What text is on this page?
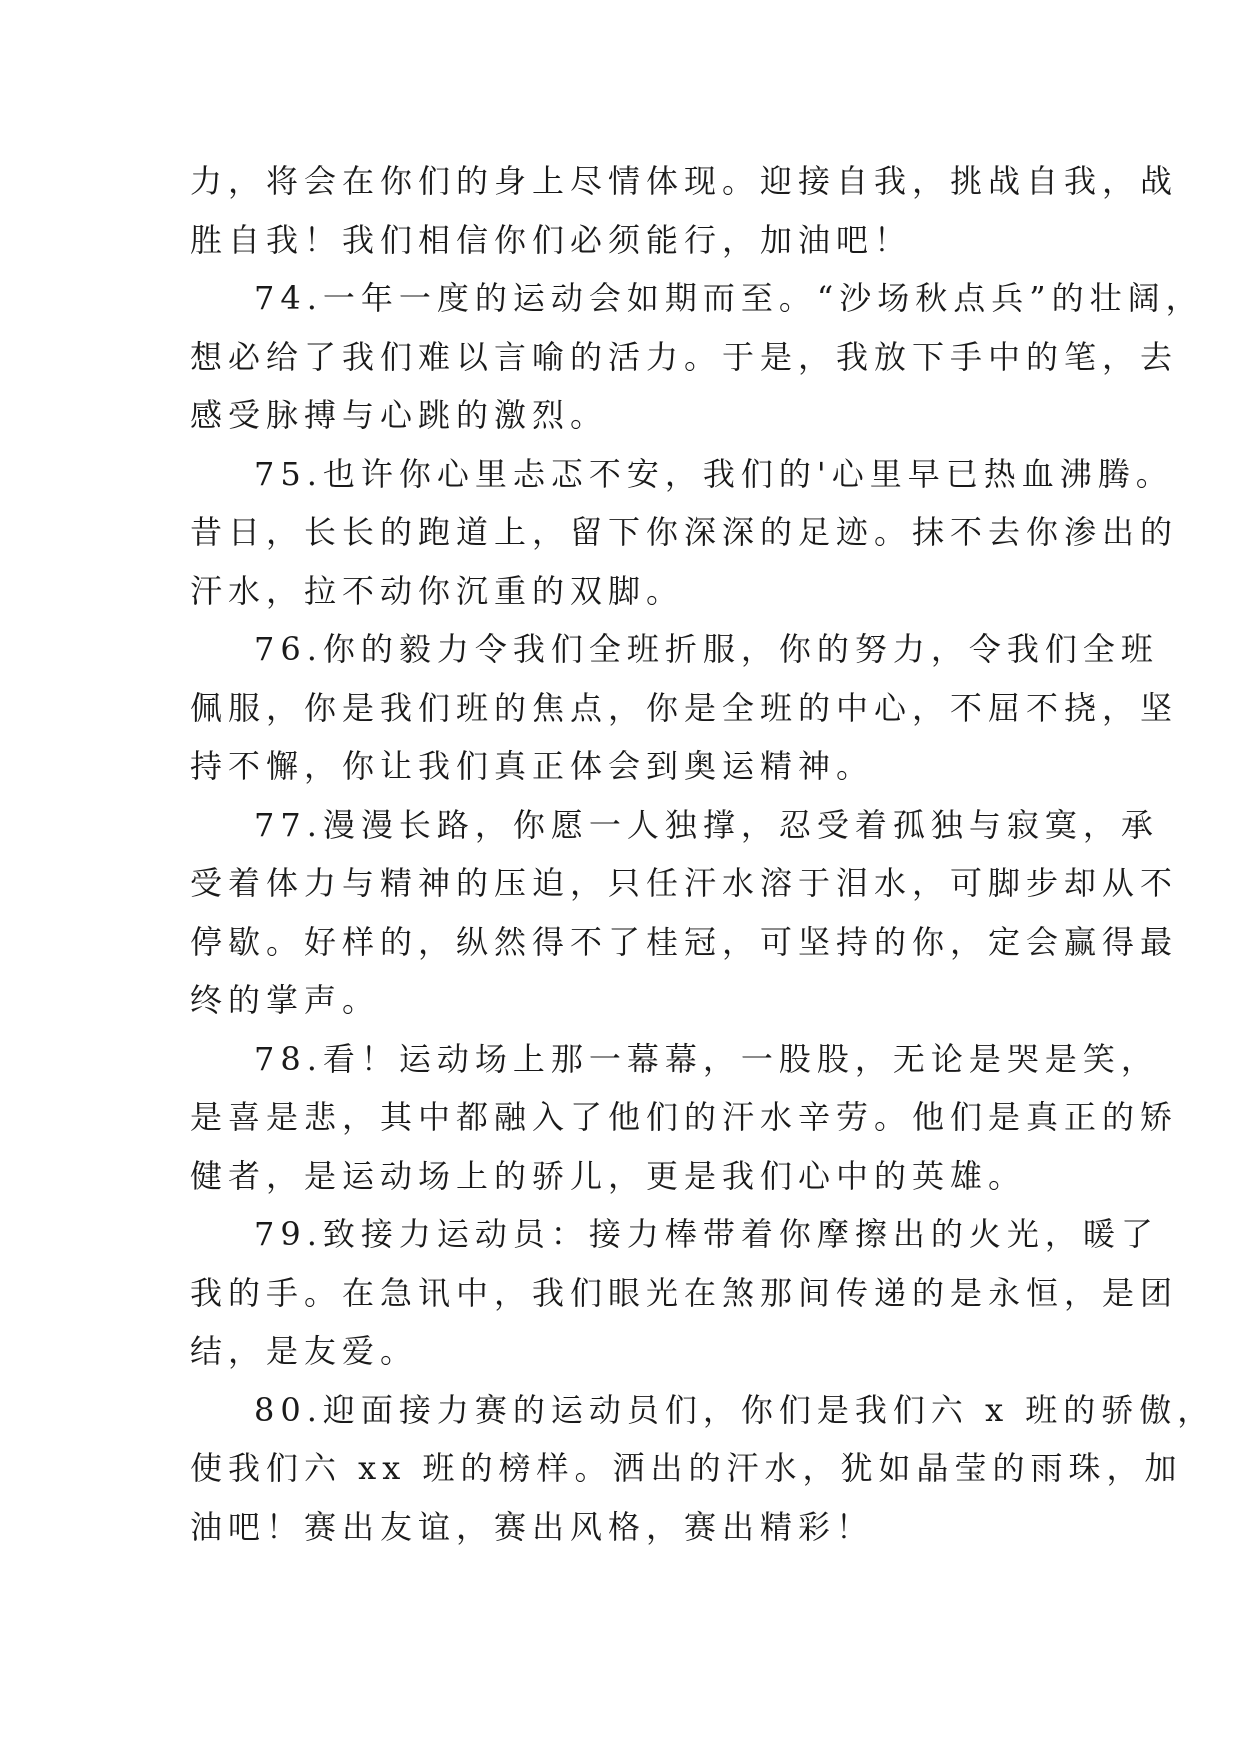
力，将会在你们的身上尽情体现。迎接自我，挑战自我，战
胜自我！我们相信你们必须能行，加油吧！
74.一年一度的运动会如期而至。“沙场秋点兵”的壮阔，
想必给了我们难以言喻的活力。于是，我放下手中的笔，去
感受脉搏与心跳的激烈。
75.也许你心里忐忑不安，我们的'心里早已热血沸腾。
昔日，长长的跑道上，留下你深深的足迹。抹不去你渗出的
汗水，拉不动你沉重的双脚。
76.你的毅力令我们全班折服，你的努力，令我们全班
佩服，你是我们班的焦点，你是全班的中心，不屈不挠，坚
持不懈，你让我们真正体会到奥运精神。
77.漫漫长路，你愿一人独撑，忍受着孤独与寂寞，承
受着体力与精神的压迫，只任汗水溶于泪水，可脚步却从不
停歇。好样的，纵然得不了桂冠，可坚持的你，定会赢得最
终的掌声。
78.看！运动场上那一幕幕，一股股，无论是哭是笑，
是喜是悲，其中都融入了他们的汗水辛劳。他们是真正的矫
健者，是运动场上的骄儿，更是我们心中的英雄。
79.致接力运动员：接力棒带着你摩擦出的火光，暖了
我的手。在急讯中，我们眼光在煞那间传递的是永恒，是团
结，是友爱。
80.迎面接力赛的运动员们，你们是我们六 x 班的骄傲，
使我们六 xx 班的榜样。洒出的汗水，犹如晶莹的雨珠，加
油吧！赛出友谊，赛出风格，赛出精彩！
